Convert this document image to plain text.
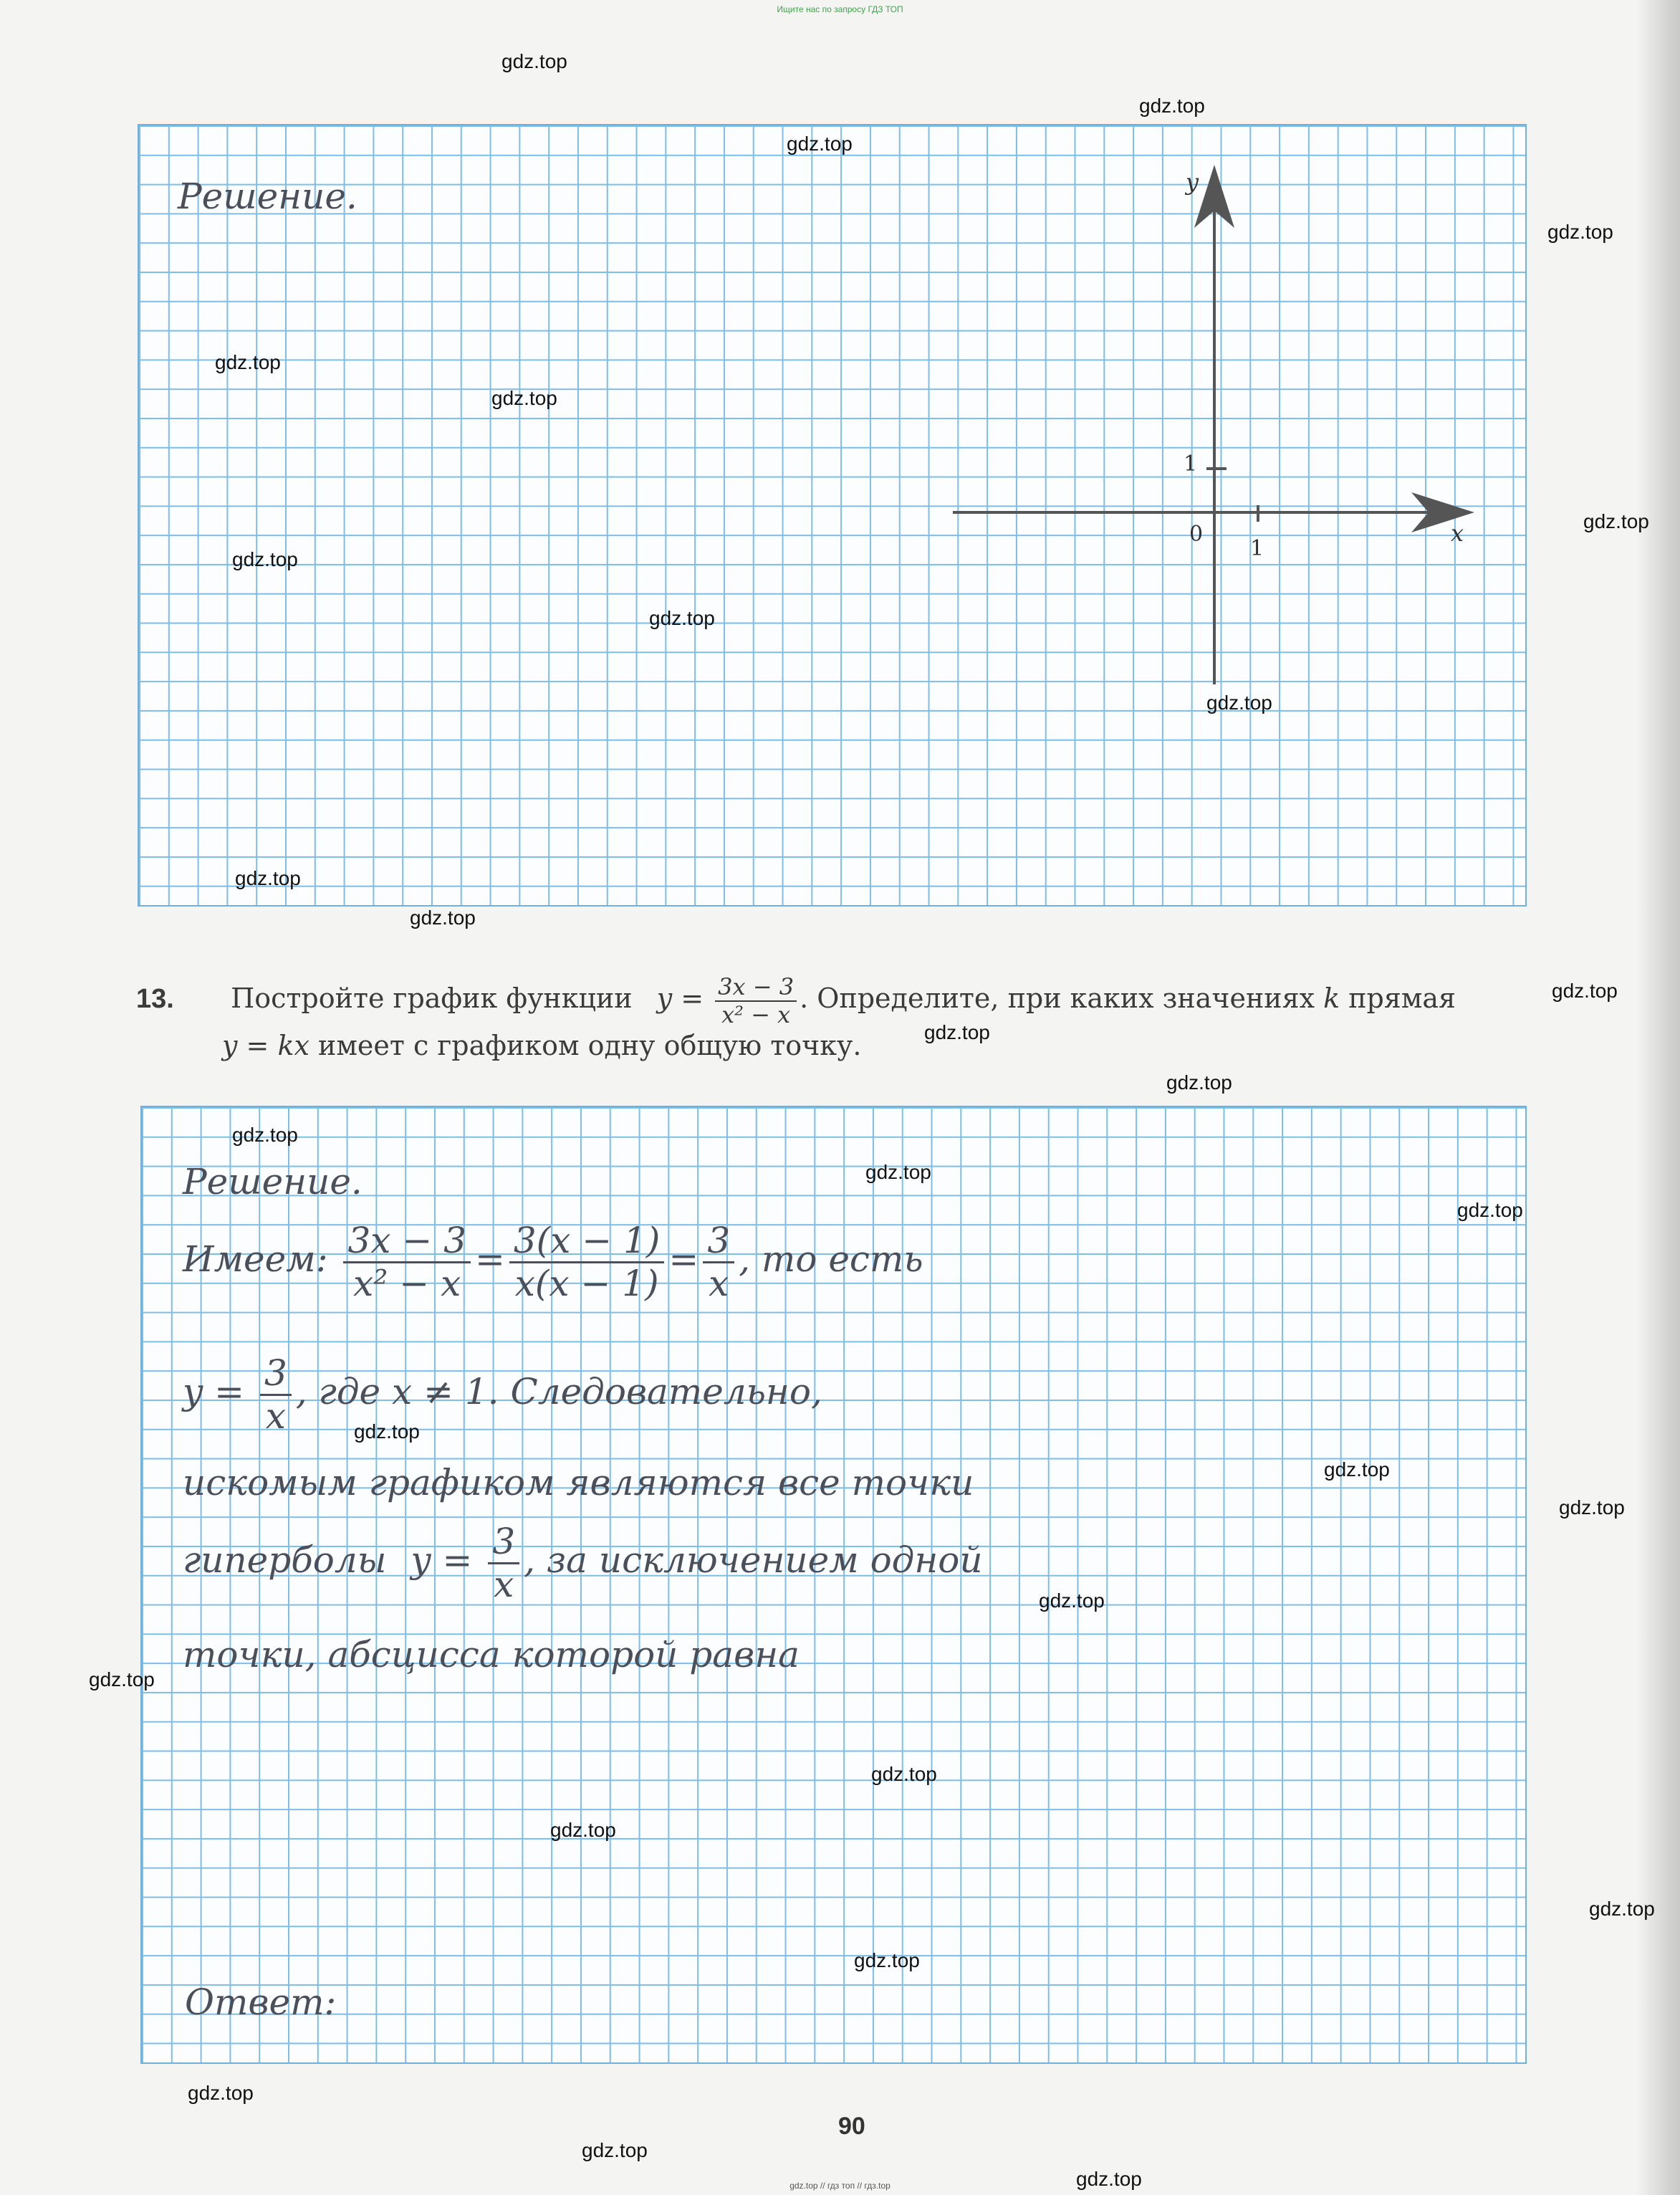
Ищите нас по запросу ГДЗ ТОП
Решение.	y
x
0
1
1
13. Постройте график функции $y = \frac{3x - 3}{\text{x² − x}}$ . Определите, при каких значениях k прямая
y = kx имеет с графиком одну общую точку.
Решение.
Имеем: $\frac{3x - 3}{\text{x² − x}} = \frac{3(x - 1)}{x(x - 1)} = \frac{3}{x}$ , то есть
$y = \frac{3}{x}$ , где x ≠ 1. Следовательно,
искомым графиком являются все точки
гиперболы $y = \frac{3}{x}$ , за исключением одной
точки, абсцисса которой равна
Ответ:
90
gdz.top
gdz.top
gdz.top
gdz.top
gdz.top
gdz.top
gdz.top
gdz.top
gdz.top
gdz.top
gdz.top
gdz.top
gdz.top
gdz.top
gdz.top
gdz.top
gdz.top
gdz.top
gdz.top
gdz.top
gdz.top
gdz.top
gdz.top
gdz.top
gdz.top
gdz.top
gdz.top
gdz.top
gdz.top
gdz.top
gdz.top // гдз топ // гдз.top
